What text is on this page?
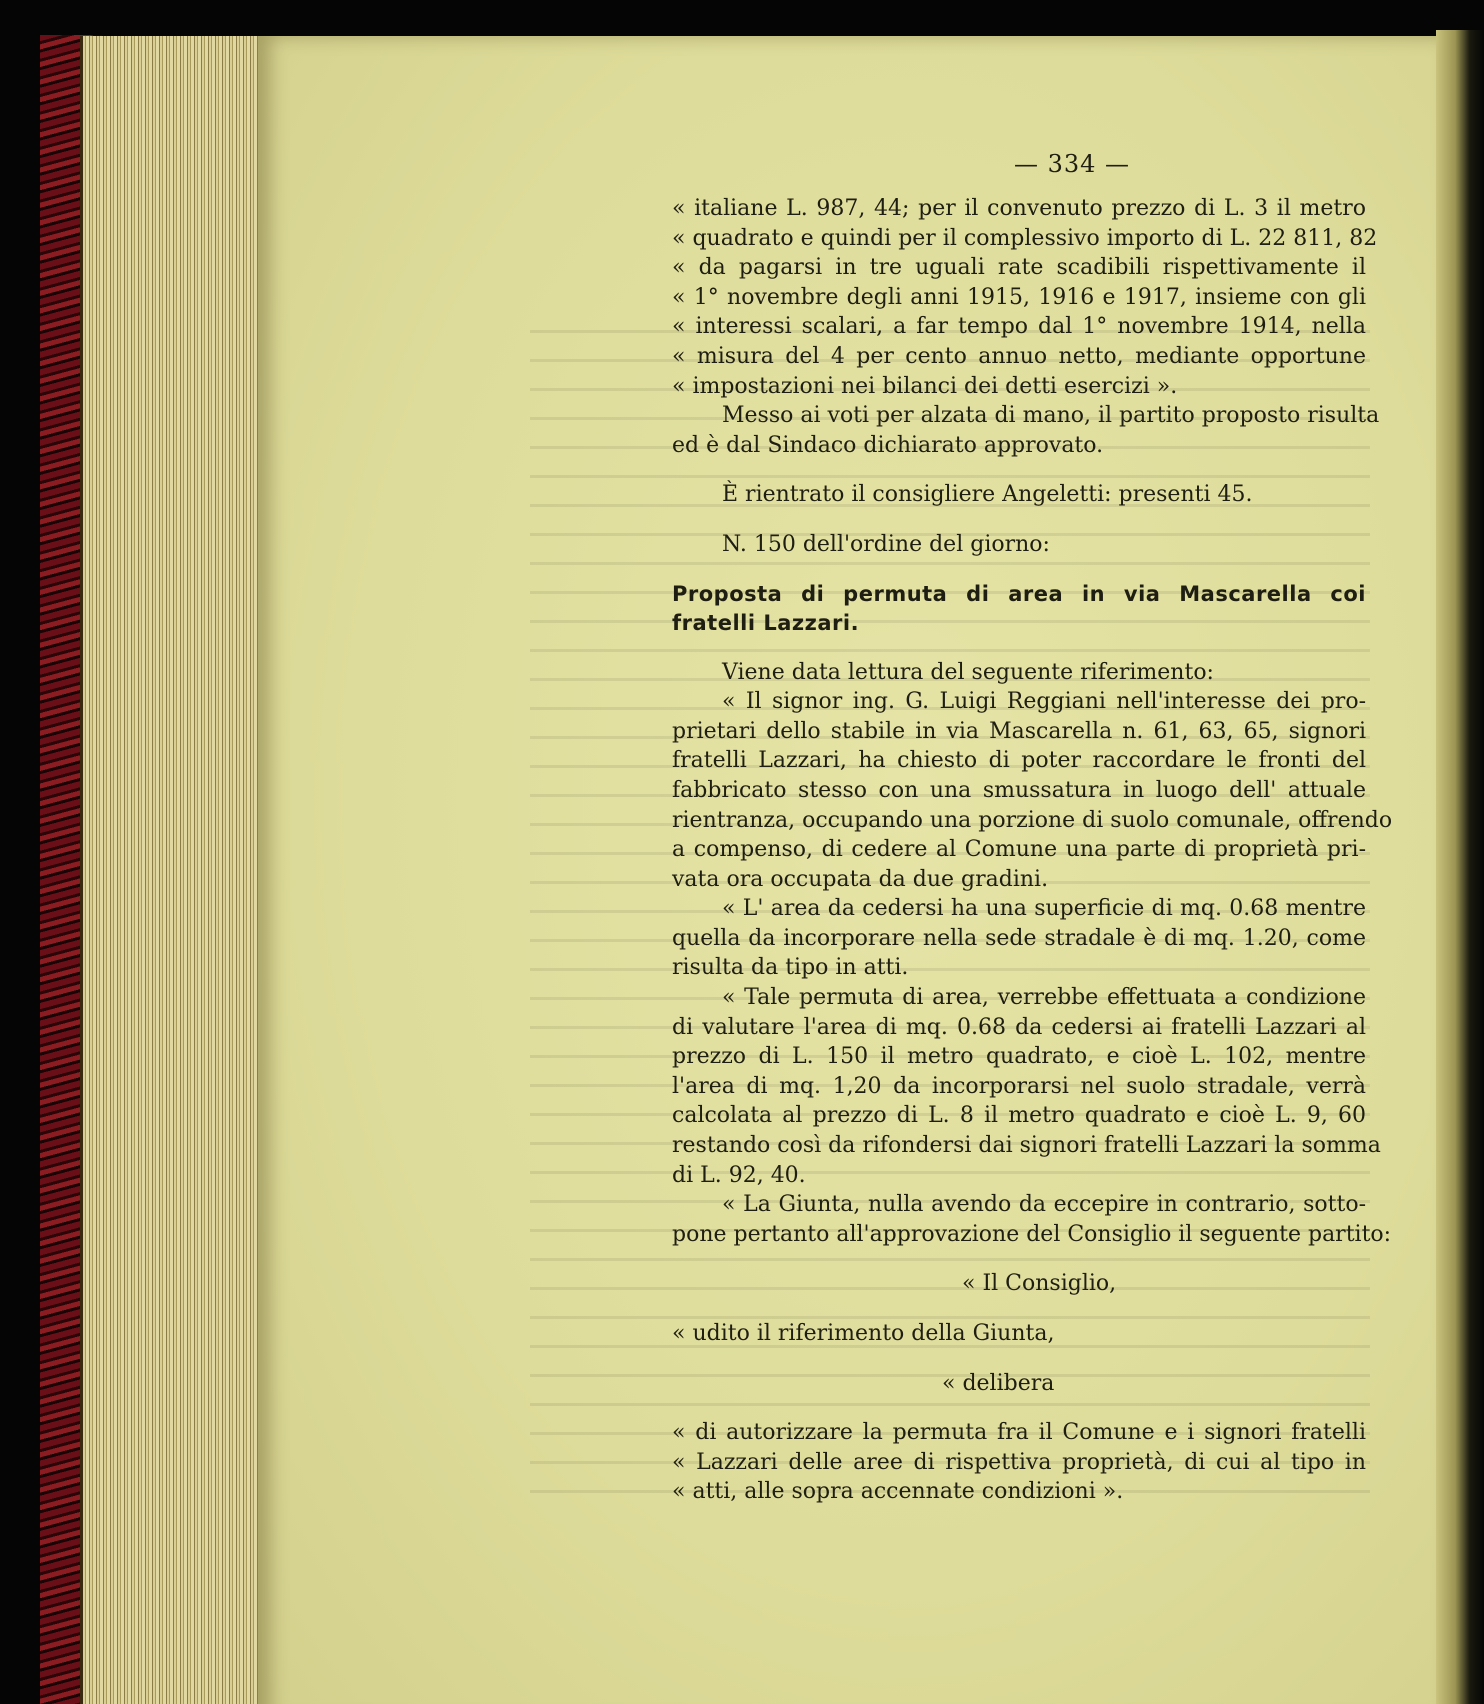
— 334 —
« italiane L. 987, 44; per il convenuto prezzo di L. 3 il metro
« quadrato e quindi per il complessivo importo di L. 22 811, 82
« da pagarsi in tre uguali rate scadibili rispettivamente il
« 1° novembre degli anni 1915, 1916 e 1917, insieme con gli
« interessi scalari, a far tempo dal 1° novembre 1914, nella
« misura del 4 per cento annuo netto, mediante opportune
« impostazioni nei bilanci dei detti esercizi ».
Messo ai voti per alzata di mano, il partito proposto risulta
ed è dal Sindaco dichiarato approvato.
È rientrato il consigliere Angeletti: presenti 45.
N. 150 dell'ordine del giorno:
Proposta di permuta di area in via Mascarella coi
fratelli Lazzari.
Viene data lettura del seguente riferimento:
« Il signor ing. G. Luigi Reggiani nell'interesse dei pro-
prietari dello stabile in via Mascarella n. 61, 63, 65, signori
fratelli Lazzari, ha chiesto di poter raccordare le fronti del
fabbricato stesso con una smussatura in luogo dell' attuale
rientranza, occupando una porzione di suolo comunale, offrendo
a compenso, di cedere al Comune una parte di proprietà pri-
vata ora occupata da due gradini.
« L' area da cedersi ha una superficie di mq. 0.68 mentre
quella da incorporare nella sede stradale è di mq. 1.20, come
risulta da tipo in atti.
« Tale permuta di area, verrebbe effettuata a condizione
di valutare l'area di mq. 0.68 da cedersi ai fratelli Lazzari al
prezzo di L. 150 il metro quadrato, e cioè L. 102, mentre
l'area di mq. 1,20 da incorporarsi nel suolo stradale, verrà
calcolata al prezzo di L. 8 il metro quadrato e cioè L. 9, 60
restando così da rifondersi dai signori fratelli Lazzari la somma
di L. 92, 40.
« La Giunta, nulla avendo da eccepire in contrario, sotto-
pone pertanto all'approvazione del Consiglio il seguente partito:
« Il Consiglio,
« udito il riferimento della Giunta,
« delibera
« di autorizzare la permuta fra il Comune e i signori fratelli
« Lazzari delle aree di rispettiva proprietà, di cui al tipo in
« atti, alle sopra accennate condizioni ».
